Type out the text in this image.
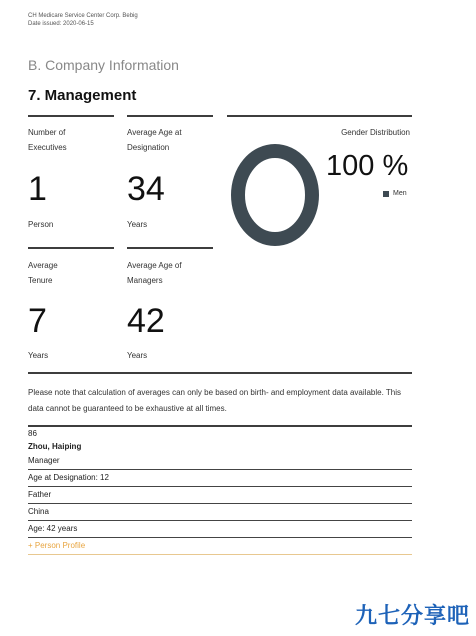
CH Medicare Service Center Corp. Bebig
Date issued: 2020-06-15
B. Company Information
7. Management
Number of Executives
1
Person
Average Age at Designation
34
Years
Average Tenure
7
Years
Average Age of Managers
42
Years
Gender Distribution
100 %
Men
Please note that calculation of averages can only be based on birth- and employment data available. This data cannot be guaranteed to be exhaustive at all times.
86
Zhou, Haiping
Manager
Age at Designation: 12
Father
China
Age: 42 years
+ Person Profile
九七分享吧
